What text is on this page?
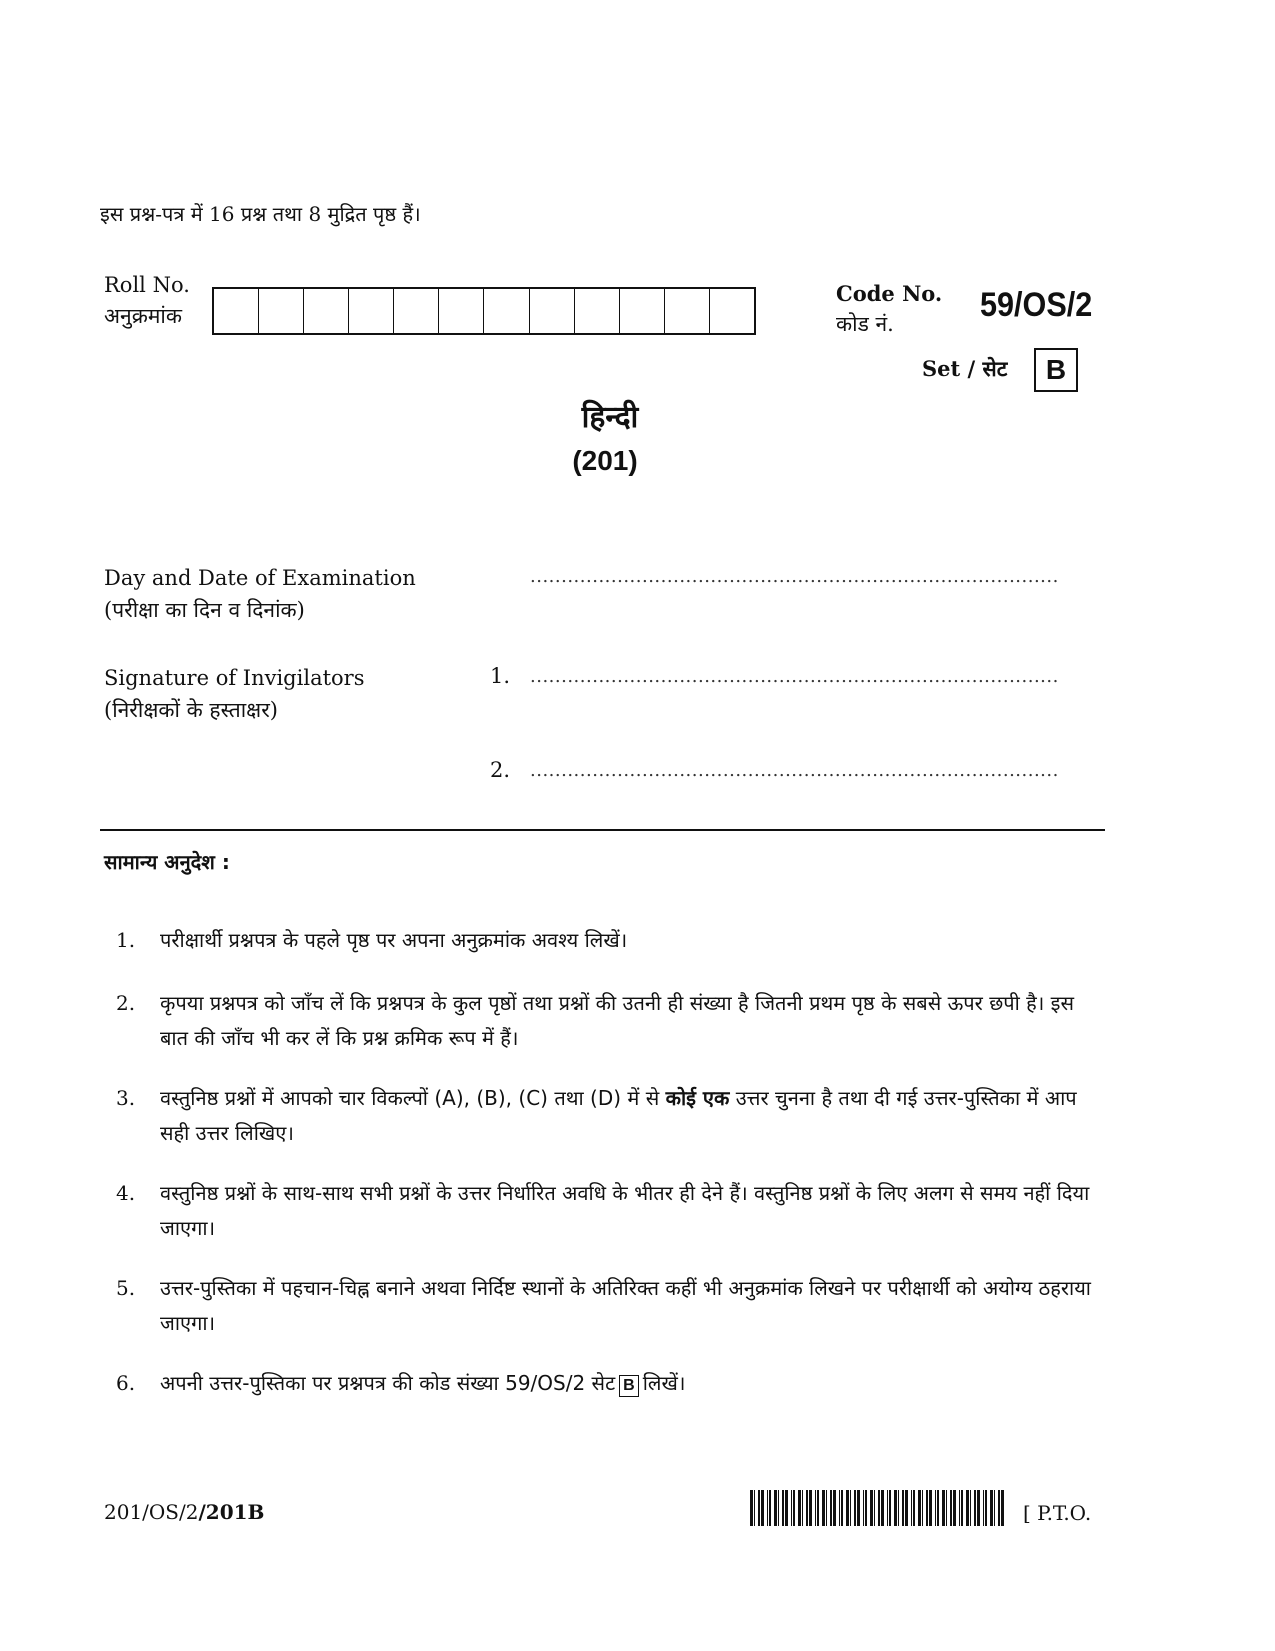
इस प्रश्न-पत्र में 16 प्रश्न तथा 8 मुद्रित पृष्ठ हैं।
Roll No.
अनुक्रमांक
Code No.
कोड नं.	59/OS/2
Set / सेट	B
हिन्दी
(201)
Day and Date of Examination
(परीक्षा का दिन व दिनांक)
.....................................................................................
Signature of Invigilators
(निरीक्षकों के हस्ताक्षर)
1. .....................................................................................
2. .....................................................................................
सामान्य अनुदेश :
1.	परीक्षार्थी प्रश्नपत्र के पहले पृष्ठ पर अपना अनुक्रमांक अवश्य लिखें।
2.	कृपया प्रश्नपत्र को जाँच लें कि प्रश्नपत्र के कुल पृष्ठों तथा प्रश्नों की उतनी ही संख्या है जितनी प्रथम पृष्ठ के सबसे ऊपर छपी है। इस बात की जाँच भी कर लें कि प्रश्न क्रमिक रूप में हैं।
3.	वस्तुनिष्ठ प्रश्नों में आपको चार विकल्पों (A), (B), (C) तथा (D) में से कोई एक उत्तर चुनना है तथा दी गई उत्तर-पुस्तिका में आप सही उत्तर लिखिए।
4.	वस्तुनिष्ठ प्रश्नों के साथ-साथ सभी प्रश्नों के उत्तर निर्धारित अवधि के भीतर ही देने हैं। वस्तुनिष्ठ प्रश्नों के लिए अलग से समय नहीं दिया जाएगा।
5.	उत्तर-पुस्तिका में पहचान-चिह्न बनाने अथवा निर्दिष्ट स्थानों के अतिरिक्त कहीं भी अनुक्रमांक लिखने पर परीक्षार्थी को अयोग्य ठहराया जाएगा।
6.	अपनी उत्तर-पुस्तिका पर प्रश्नपत्र की कोड संख्या 59/OS/2 सेट B लिखें।
201/OS/2/201B	[ P.T.O.
